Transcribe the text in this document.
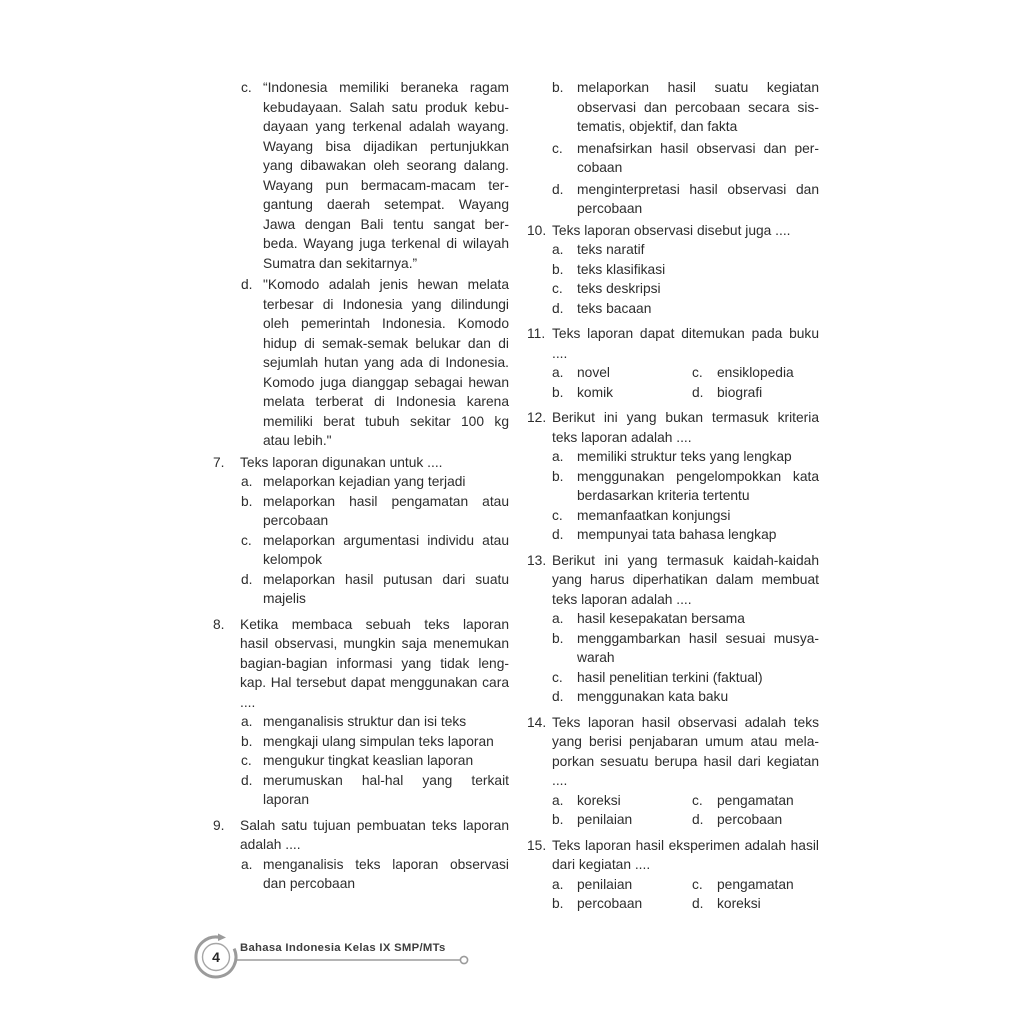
c. “Indonesia memiliki beraneka ragam
kebudayaan. Salah satu produk kebu-
dayaan yang terkenal adalah wayang.
Wayang bisa dijadikan pertunjukkan
yang dibawakan oleh seorang dalang.
Wayang pun bermacam-macam ter-
gantung daerah setempat. Wayang
Jawa dengan Bali tentu sangat ber-
beda. Wayang juga terkenal di wilayah
Sumatra dan sekitarnya.”
d. "Komodo adalah jenis hewan melata
terbesar di Indonesia yang dilindungi
oleh pemerintah Indonesia. Komodo
hidup di semak-semak belukar dan di
sejumlah hutan yang ada di Indonesia.
Komodo juga dianggap sebagai hewan
melata terberat di Indonesia karena
memiliki berat tubuh sekitar 100 kg
atau lebih."
7.	Teks laporan digunakan untuk ....
a. melaporkan kejadian yang terjadi
b. melaporkan hasil pengamatan atau
percobaan
c. melaporkan argumentasi individu atau
kelompok
d. melaporkan hasil putusan dari suatu
majelis
8.	Ketika membaca sebuah teks laporan
hasil observasi, mungkin saja menemukan
bagian-bagian informasi yang tidak leng-
kap. Hal tersebut dapat menggunakan cara
....
a. menganalisis struktur dan isi teks
b. mengkaji ulang simpulan teks laporan
c. mengukur tingkat keaslian laporan
d. merumuskan hal-hal yang terkait
laporan
9.	Salah satu tujuan pembuatan teks laporan
adalah ....
a. menganalisis teks laporan observasi
dan percobaan
b. melaporkan hasil suatu kegiatan
observasi dan percobaan secara sis-
tematis, objektif, dan fakta
c.	menafsirkan hasil observasi dan per-
cobaan
d. menginterpretasi hasil observasi dan
percobaan
10. Teks laporan observasi disebut juga ....
a. teks naratif
b. teks klasifikasi
c.	teks deskripsi
d. teks bacaan
11. Teks laporan dapat ditemukan pada buku
....
a. novel	c.	ensiklopedia
b. komik	d. biografi
12. Berikut ini yang bukan termasuk kriteria
teks laporan adalah ....
a. memiliki struktur teks yang lengkap
b. menggunakan pengelompokkan kata
berdasarkan kriteria tertentu
c.	memanfaatkan konjungsi
d. mempunyai tata bahasa lengkap
13. Berikut ini yang termasuk kaidah-kaidah
yang harus diperhatikan dalam membuat
teks laporan adalah ....
a. hasil kesepakatan bersama
b. menggambarkan hasil sesuai musya-
warah
c.	hasil penelitian terkini (faktual)
d. menggunakan kata baku
14. Teks laporan hasil observasi adalah teks
yang berisi penjabaran umum atau mela-
porkan sesuatu berupa hasil dari kegiatan
....
a. koreksi	c.	pengamatan
b. penilaian	d. percobaan
15. Teks laporan hasil eksperimen adalah hasil
dari kegiatan ....
a. penilaian	c.	pengamatan
b. percobaan	d. koreksi
4
Bahasa Indonesia Kelas IX SMP/MTs
